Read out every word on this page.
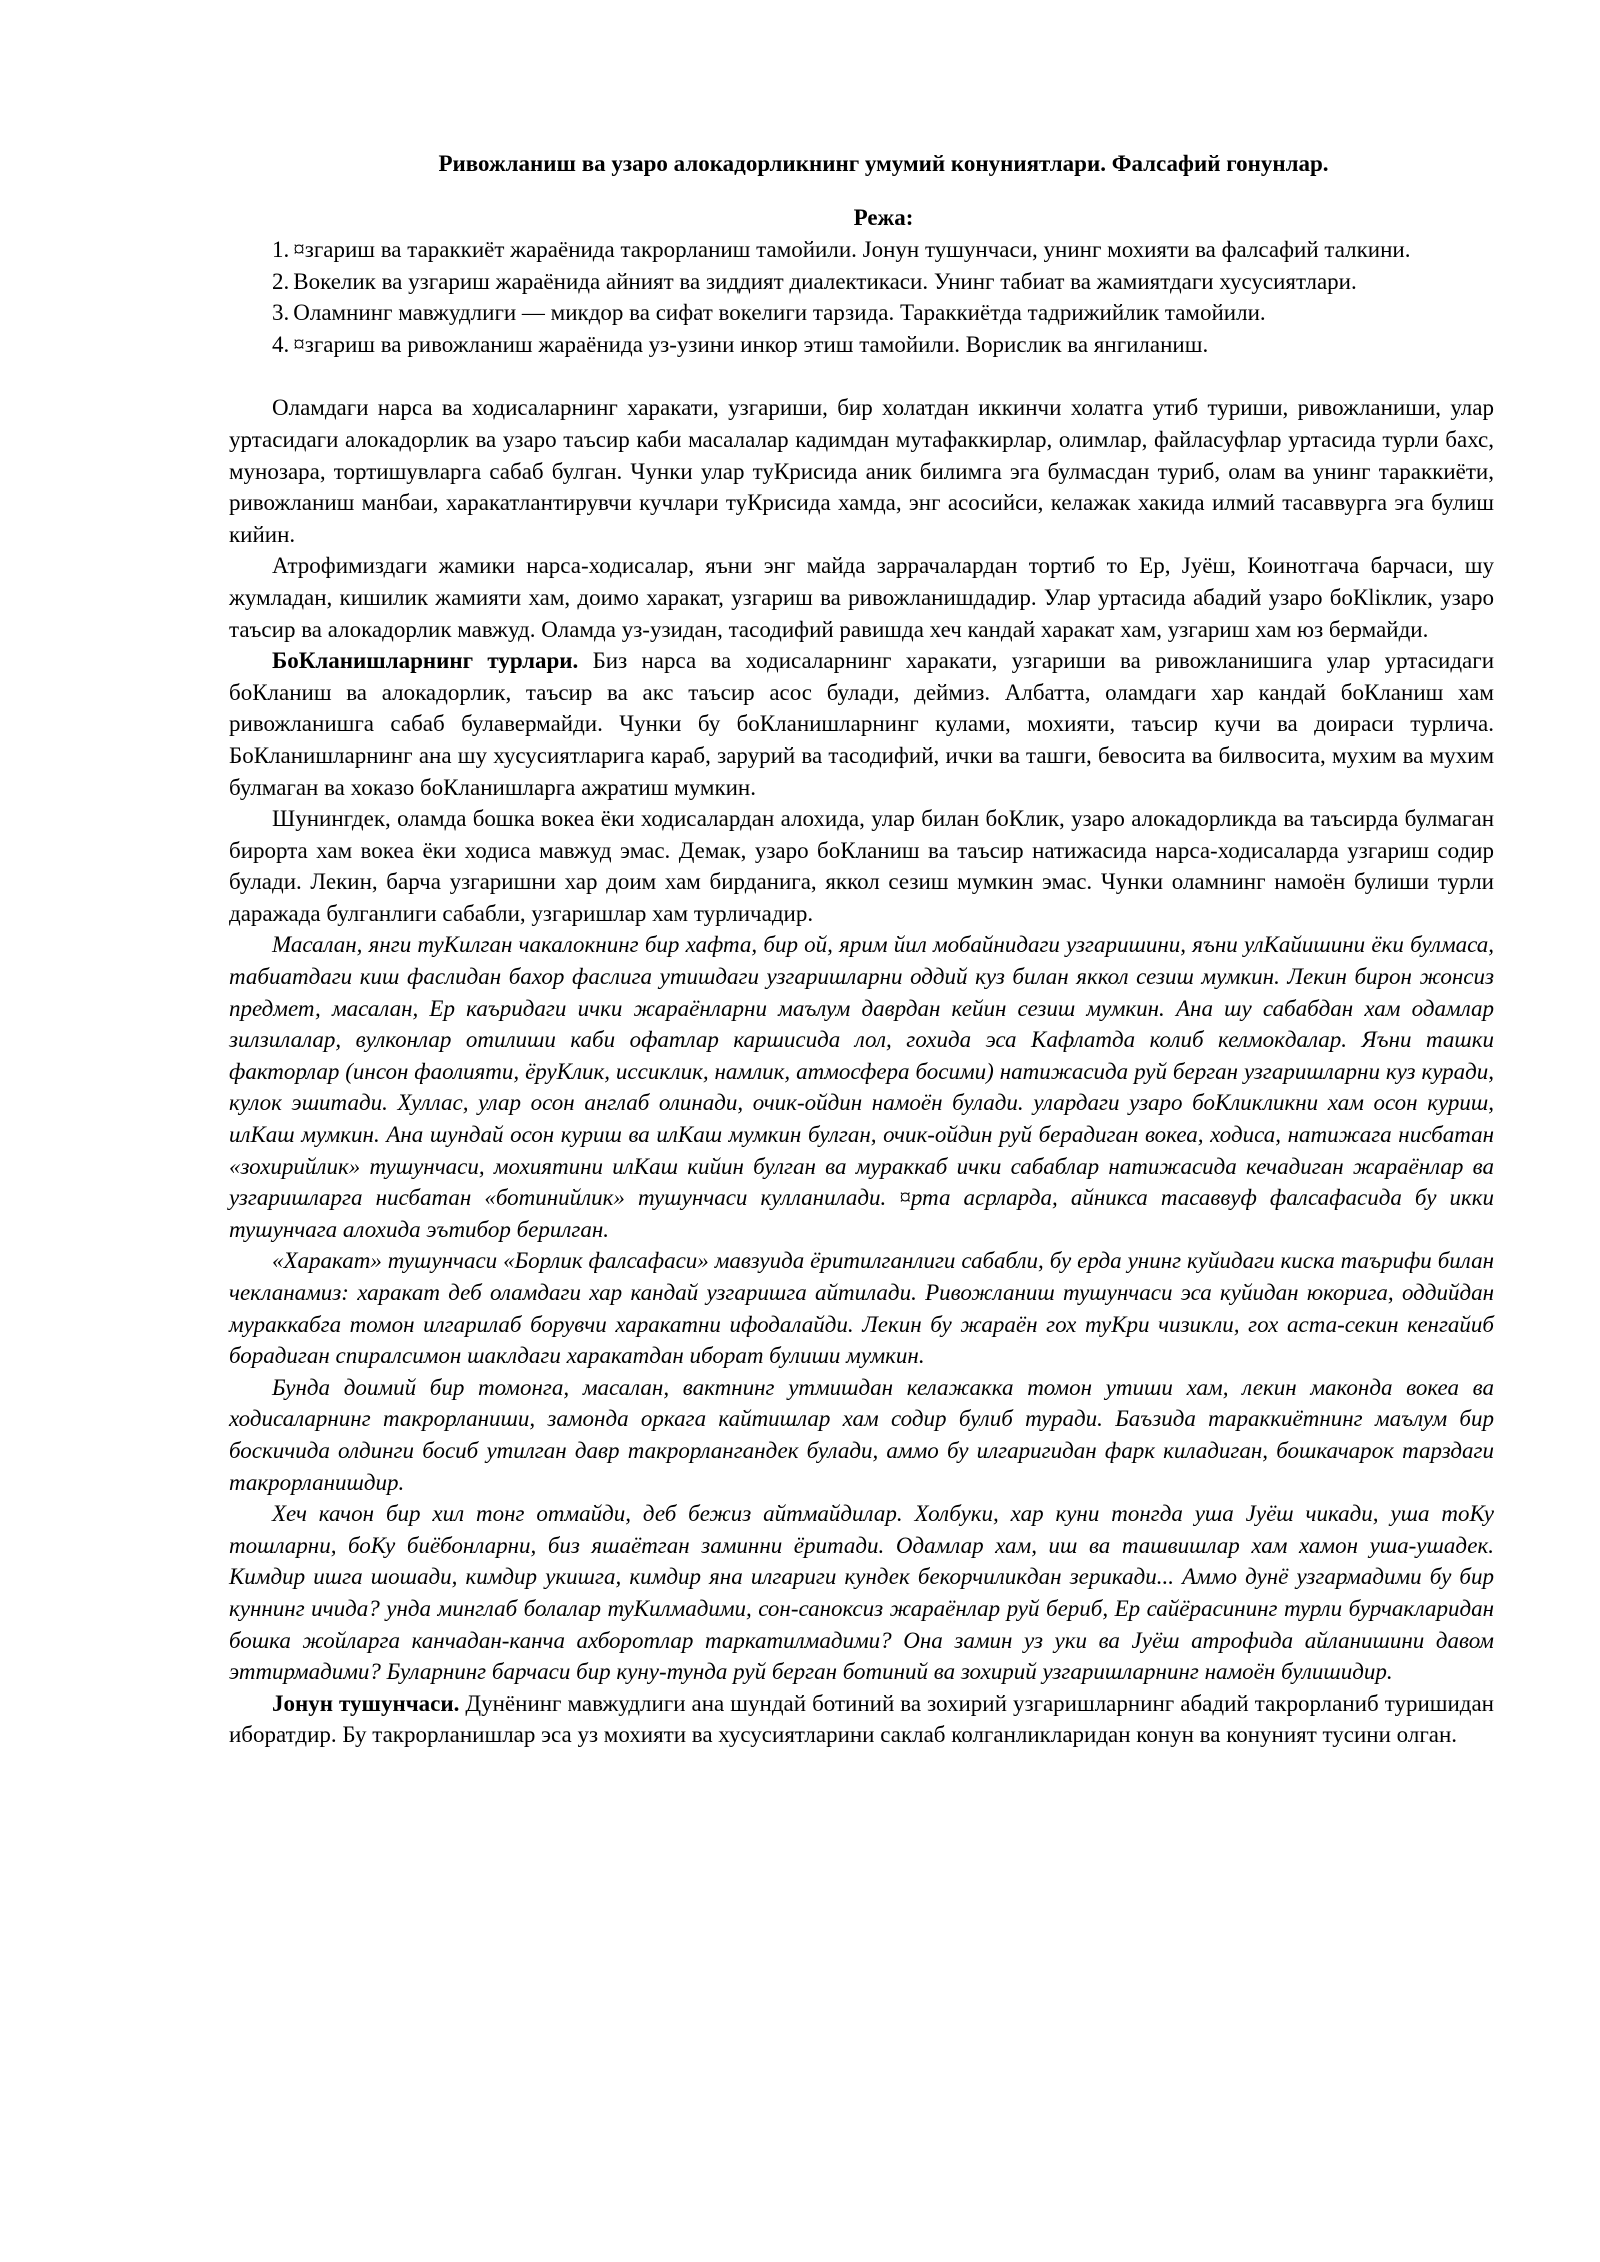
Ривожланиш ва узаро алокадорликнинг умумий конуниятлари. Фалсафий гонунлар.
Режа:
1. ¤згариш ва тараккиёт жараёнида такрорланиш тамойили. Јонун тушунчаси, унинг мохияти ва фалсафий талкини.
2. Вокелик ва узгариш жараёнида айният ва зиддият диалектикаси. Унинг табиат ва жамиятдаги хусусиятлари.
3. Оламнинг мавжудлиги — микдор ва сифат вокелиги тарзида. Тараккиётда тадрижийлик тамойили.
4. ¤згариш ва ривожланиш жараёнида уз-узини инкор этиш тамойили. Ворислик ва янгиланиш.

Оламдаги нарса ва ходисаларнинг харакати, узгариши, бир холатдан иккинчи холатга утиб туриши, ривожланиши, улар уртасидаги алокадорлик ва узаро таъсир каби масалалар кадимдан мутафаккирлар, олимлар, файласуфлар уртасида турли бахс, мунозара, тортишувларга сабаб булган. Чунки улар туКрисида аник билимга эга булмасдан туриб, олам ва унинг тараккиёти, ривожланиш манбаи, харакатлантирувчи кучлари туКрисида хамда, энг асосийси, келажак хакида илмий тасаввурга эга булиш кийин.

Атрофимиздаги жамики нарса-ходисалар, яъни энг майда заррачалардан тортиб то Ер, Јуёш, Коинотгача барчаси, шу жумладан, кишилик жамияти хам, доимо харакат, узгариш ва ривожланишдадир. Улар уртасида абадий узаро боКliклик, узаро таъсир ва алокадорлик мавжуд. Оламда уз-узидан, тасодифий равишда хеч кандай харакат хам, узгариш хам юз бермайди.

БоКланишларнинг турлари. Биз нарса ва ходисаларнинг харакати, узгариши ва ривожланишига улар уртасидаги боКланиш ва алокадорлик, таъсир ва акс таъсир асос булади, деймиз. Албатта, оламдаги хар кандай боКланиш хам ривожланишга сабаб булавермайди. Чунки бу боКланишларнинг кулами, мохияти, таъсир кучи ва доираси турлича. БоКланишларнинг ана шу хусусиятларига караб, зарурий ва тасодифий, ички ва ташги, бевосита ва билвосита, мухим ва мухим булмаган ва хоказо боКланишларга ажратиш мумкин.

Шунингдек, оламда бошка вокеа ёки ходисалардан алохида, улар билан боКлик, узаро алокадорликда ва таъсирда булмаган бирорта хам вокеа ёки ходиса мавжуд эмас. Демак, узаро боКланиш ва таъсир натижасида нарса-ходисаларда узгариш содир булади. Лекин, барча узгаришни хар доим хам бирданига, яккол сезиш мумкин эмас. Чунки оламнинг намоён булиши турли даражада булганлиги сабабли, узгаришлар хам турличадир.

Масалан, янги туКилган чакалокнинг бир хафта, бир ой, ярим йил мобайнидаги узгаришини, яъни улКайишини ёки булмаса, табиатдаги киш фаслидан бахор фаслига утишдаги узгаришларни оддий куз билан яккол сезиш мумкин. Лекин бирон жонсиз предмет, масалан, Ер каъридаги ички жараёнларни маълум даврдан кейин сезиш мумкин. Ана шу сабабдан хам одамлар зилзилалар, вулконлар отилиши каби офатлар каршисида лол, гохида эса Кафлатда колиб келмокдалар. Яъни ташки факторлар (инсон фаолияти, ёруКлик, иссиклик, намлик, атмосфера босими) натижасида руй берган узгаришларни куз куради, кулок эшитади. Хуллас, улар осон англаб олинади, очик-ойдин намоён булади. улардаги узаро боКликликни хам осон куриш, илКаш мумкин. Ана шундай осон куриш ва илКаш мумкин булган, очик-ойдин руй берадиган вокеа, ходиса, натижага нисбатан «зохирийлик» тушунчаси, мохиятини илКаш кийин булган ва мураккаб ички сабаблар натижасида кечадиган жараёнлар ва узгаришларга нисбатан «ботинийлик» тушунчаси кулланилади. ¤рта асрларда, айникса тасаввуф фалсафасида бу икки тушунчага алохида эътибор берилган.

«Харакат» тушунчаси «Борлик фалсафаси» мавзуида ёритилганлиги сабабли, бу ерда унинг куйидаги киска таърифи билан чекланамиз: харакат деб оламдаги хар кандай узгаришга айтилади. Ривожланиш тушунчаси эса куйидан юкорига, оддийдан мураккабга томон илгарилаб борувчи харакатни ифодалайди. Лекин бу жараён гох туКри чизикли, гох аста-секин кенгайиб борадиган спиралсимон шаклдаги харакатдан иборат булиши мумкин.

Бунда доимий бир томонга, масалан, вактнинг утмишдан келажакка томон утиши хам, лекин маконда вокеа ва ходисаларнинг такрорланиши, замонда оркага кайтишлар хам содир булиб туради. Баъзида тараккиётнинг маълум бир боскичида олдинги босиб утилган давр такрорлангандек булади, аммо бу илгаригидан фарк киладиган, бошкачарок тарздаги такрорланишдир.

Хеч качон бир хил тонг отмайди, деб бежиз айтмайдилар. Холбуки, хар куни тонгда уша Јуёш чикади, уша тоКу тошларни, боКу биёбонларни, биз яшаётган заминни ёритади. Одамлар хам, иш ва ташвишлар хам хамон уша-ушадек. Кимдир ишга шошади, кимдир укишга, кимдир яна илгариги кундек бекорчиликдан зерикади... Аммо дунё узгармадими бу бир куннинг ичида? унда минглаб болалар туКилмадими, сон-саноксиз жараёнлар руй бериб, Ер сайёрасининг турли бурчакларидан бошка жойларга канчадан-канча ахборотлар таркатилмадими? Она замин уз уки ва Јуёш атрофида айланишини давом эттирмадими? Буларнинг барчаси бир куну-тунда руй берган ботиний ва зохирий узгаришларнинг намоён булишидир.

Јонун тушунчаси. Дунёнинг мавжудлиги ана шундай ботиний ва зохирий узгаришларнинг абадий такрорланиб туришидан иборатдир. Бу такрорланишлар эса уз мохияти ва хусусиятларини саклаб колганликларидан конун ва конуният тусини олган.
